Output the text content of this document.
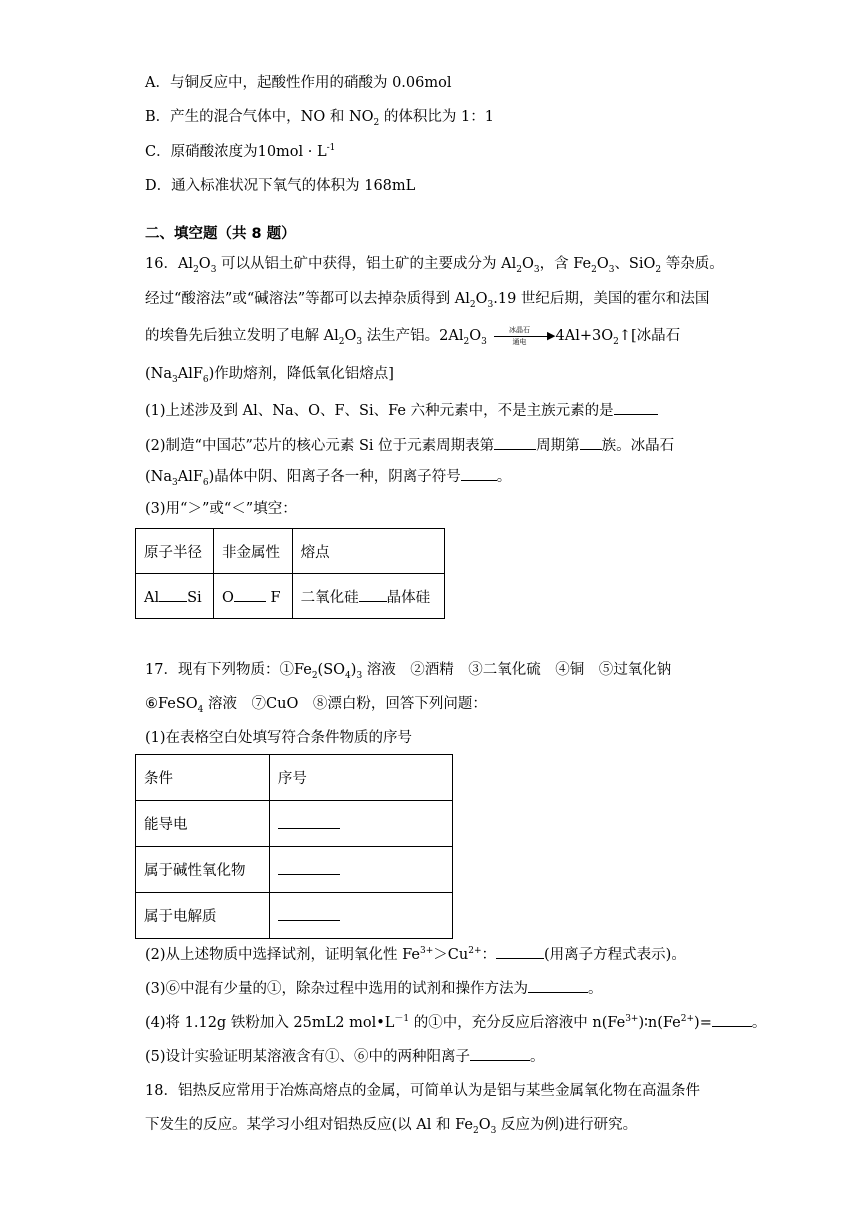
A．与铜反应中，起酸性作用的硝酸为 0.06mol
B．产生的混合气体中，NO 和 $NO_2$ 的体积比为 1：1
C．原硝酸浓度为$10mol \cdot L^{-1}$
D．通入标准状况下氧气的体积为 168mL
二、填空题（共 8 题）
16．$Al_2O_3$ 可以从铝土矿中获得，铝土矿的主要成分为 $Al_2O_3$，含 $Fe_2O_3$、SiO$_2$ 等杂质。
经过“酸溶法”或“碱溶法”等都可以去掉杂质得到 $Al_2O_3.19$ 世纪后期，美国的霍尔和法国
的埃鲁先后独立发明了电解 $Al_2O_3$ 法生产铝。$2Al_2O_3$
冰晶石	▶
通电	$4Al+3O_2↑$[冰晶石
$(Na_3AlF_6)$作助熔剂，降低氧化铝熔点]
(1)上述涉及到 Al、Na、O、F、Si、Fe 六种元素中，不是主族元素的是
(2)制造“中国芯”芯片的核心元素 Si 位于元素周期表第	周期第 族。冰晶石
$(Na_3AlF_6)$晶体中阴、阳离子各一种，阴离子符号 。
(3)用“＞”或“＜”填空：
原子半径	非金属性	熔点
Al Si	O F	二氧化硅 晶体硅
17．现有下列物质：$①Fe_2(SO_4)_3$ 溶液　②酒精　③二氧化硫　④铜　⑤过氧化钠
⑥FeSO$_4$ 溶液　⑦CuO　⑧漂白粉，回答下列问题：
(1)在表格空白处填写符合条件物质的序号
条件	序号
能导电	
属于碱性氧化物	
属于电解质	
(2)从上述物质中选择试剂，证明氧化性 $Fe^{3+}>Cu^{2+}$：	(用离子方程式表示)。
(3)⑥中混有少量的①，除杂过程中选用的试剂和操作方法为	。
(4)将 1.12g 铁粉加入 25mL2 $mol•L^{-1}$ 的①中，充分反应后溶液中 $n(Fe^{3+})∶n(Fe^{2+})=$	。
(5)设计实验证明某溶液含有①、⑥中的两种阳离子	。
18．铝热反应常用于冶炼高熔点的金属，可简单认为是铝与某些金属氧化物在高温条件
下发生的反应。某学习小组对铝热反应(以 Al 和 $Fe_2O_3$ 反应为例)进行研究。
